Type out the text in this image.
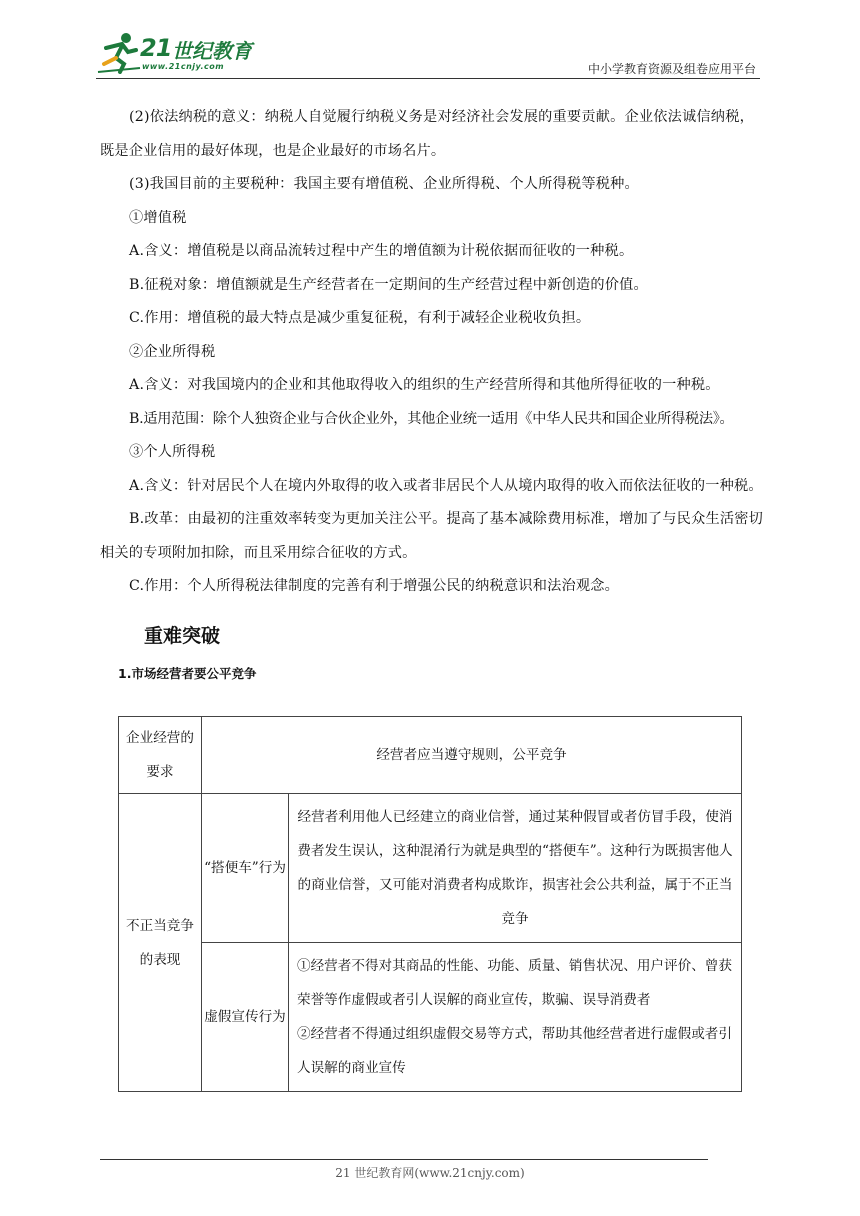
21 世纪教育
www.21cnjy.com	中小学教育资源及组卷应用平台

(2)依法纳税的意义：纳税人自觉履行纳税义务是对经济社会发展的重要贡献。企业依法诚信纳税，既是企业信用的最好体现，也是企业最好的市场名片。

(3)我国目前的主要税种：我国主要有增值税、企业所得税、个人所得税等税种。

①增值税

A.含义：增值税是以商品流转过程中产生的增值额为计税依据而征收的一种税。

B.征税对象：增值额就是生产经营者在一定期间的生产经营过程中新创造的价值。

C.作用：增值税的最大特点是减少重复征税，有利于减轻企业税收负担。

②企业所得税

A.含义：对我国境内的企业和其他取得收入的组织的生产经营所得和其他所得征收的一种税。

B.适用范围：除个人独资企业与合伙企业外，其他企业统一适用《中华人民共和国企业所得税法》。

③个人所得税

A.含义：针对居民个人在境内外取得的收入或者非居民个人从境内取得的收入而依法征收的一种税。

B.改革：由最初的注重效率转变为更加关注公平。提高了基本减除费用标准，增加了与民众生活密切相关的专项附加扣除，而且采用综合征收的方式。

C.作用：个人所得税法律制度的完善有利于增强公民的纳税意识和法治观念。

重难突破
1.市场经营者要公平竞争
企业经营的要求	经营者应当遵守规则，公平竞争	
不正当竞争的表现	“搭便车”行为	经营者利用他人已经建立的商业信誉，通过某种假冒或者仿冒手段，使消费者发生误认，这种混淆行为就是典型的“搭便车”。这种行为既损害他人的商业信誉，又可能对消费者构成欺诈，损害社会公共利益，属于不正当竞争
	虚假宣传行为	①经营者不得对其商品的性能、功能、质量、销售状况、用户评价、曾获荣誉等作虚假或者引人误解的商业宣传，欺骗、误导消费者
②经营者不得通过组织虚假交易等方式，帮助其他经营者进行虚假或者引人误解的商业宣传
21 世纪教育网(www.21cnjy.com)
